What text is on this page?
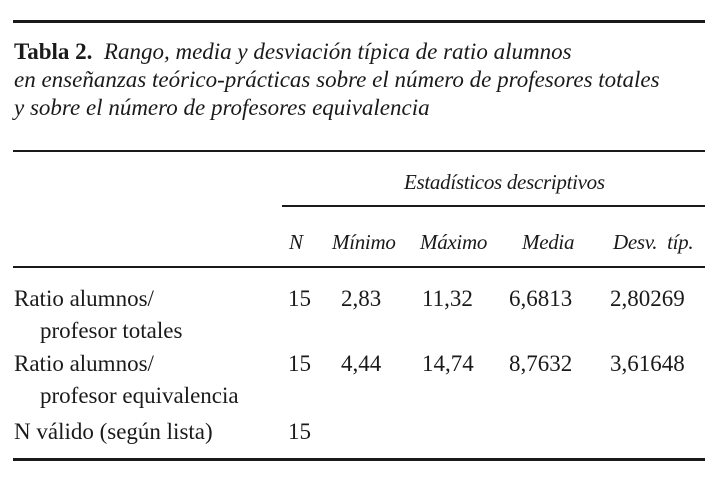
Tabla 2. Rango, media y desviación típica de ratio alumnos
en enseñanzas teórico-prácticas sobre el número de profesores totales
y sobre el número de profesores equivalencia
Estadísticos descriptivos
N Mínimo Máximo Media Desv.  típ.
Ratio alumnos/
profesor totales
15 2,83 11,32 6,6813 2,80269
Ratio alumnos/
profesor equivalencia
15 4,44 14,74 8,7632 3,61648
N válido (según lista)	15
